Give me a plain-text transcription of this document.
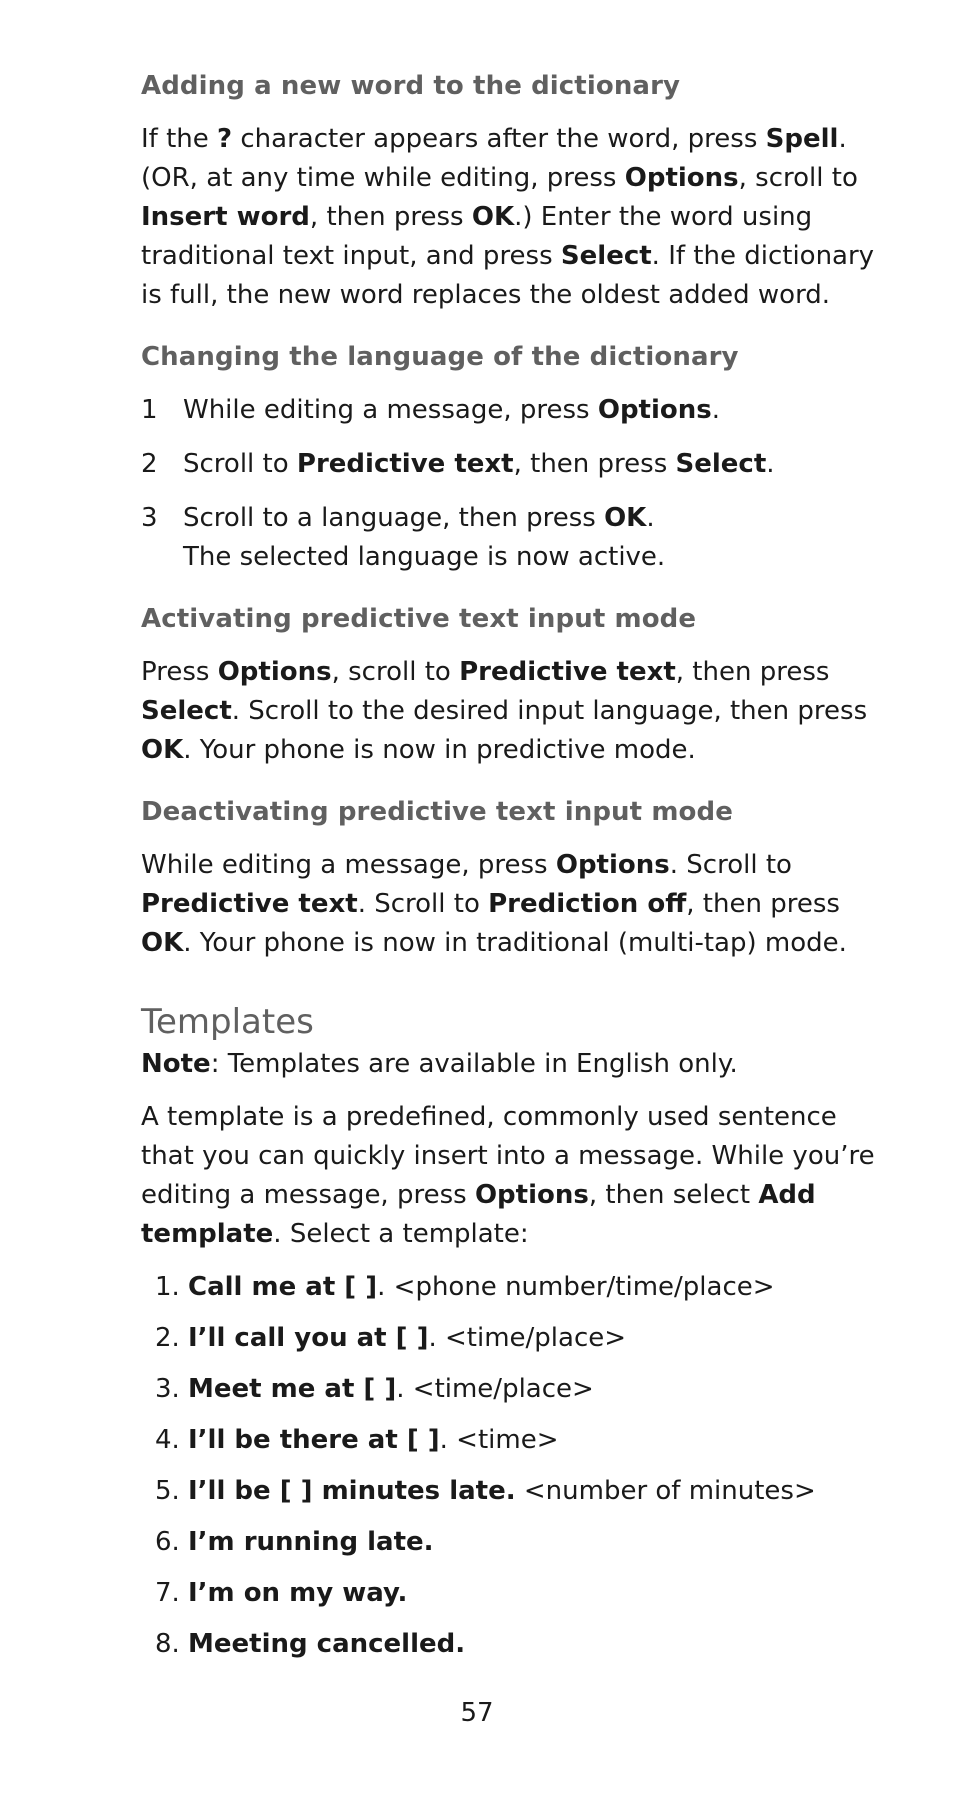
Adding a new word to the dictionary

If the ? character appears after the word, press Spell. (OR, at any time while editing, press Options, scroll to Insert word, then press OK.) Enter the word using traditional text input, and press Select. If the dictionary is full, the new word replaces the oldest added word.

Changing the language of the dictionary
1 While editing a message, press Options.
2 Scroll to Predictive text, then press Select.
3 Scroll to a language, then press OK.
The selected language is now active.
Activating predictive text input mode

Press Options, scroll to Predictive text, then press Select. Scroll to the desired input language, then press OK. Your phone is now in predictive mode.

Deactivating predictive text input mode

While editing a message, press Options. Scroll to Predictive text. Scroll to Prediction off, then press OK. Your phone is now in traditional (multi-tap) mode.

Templates

Note: Templates are available in English only.

A template is a predefined, commonly used sentence that you can quickly insert into a message. While you’re editing a message, press Options, then select Add template. Select a template:

1. Call me at [ ]. <phone number/time/place>
2. I’ll call you at [ ]. <time/place>
3. Meet me at [ ]. <time/place>
4. I’ll be there at [ ]. <time>
5. I’ll be [ ] minutes late. <number of minutes>
6. I’m running late.
7. I’m on my way.
8. Meeting cancelled.
57
